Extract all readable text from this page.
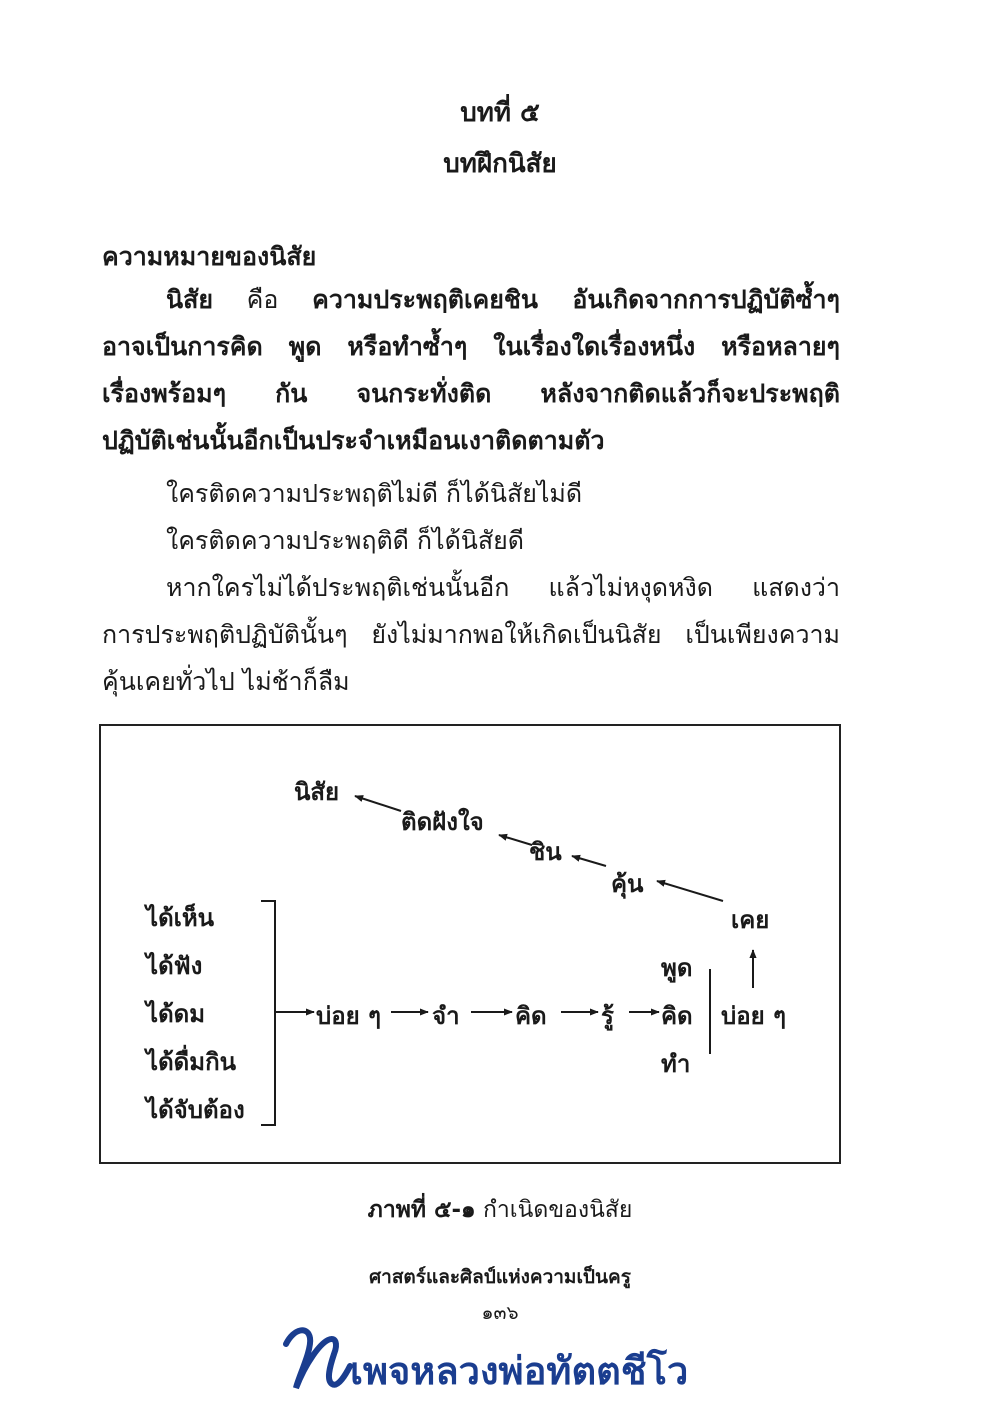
บทที่ ๕
บทฝึกนิสัย
ความหมายของนิสัย
นิสัย คือ ความประพฤติเคยชิน อันเกิดจากการปฏิบัติซ้ำๆ
อาจเป็นการคิด พูด หรือทำซ้ำๆ ในเรื่องใดเรื่องหนึ่ง หรือหลายๆ
เรื่องพร้อมๆ กัน จนกระทั่งติด หลังจากติดแล้วก็จะประพฤติ
ปฏิบัติเช่นนั้นอีกเป็นประจำเหมือนเงาติดตามตัว
ใครติดความประพฤติไม่ดี ก็ได้นิสัยไม่ดี
ใครติดความประพฤติดี ก็ได้นิสัยดี
หากใครไม่ได้ประพฤติเช่นนั้นอีก แล้วไม่หงุดหงิด แสดงว่า
การประพฤติปฏิบัตินั้นๆ ยังไม่มากพอให้เกิดเป็นนิสัย เป็นเพียงความ
คุ้นเคยทั่วไป ไม่ช้าก็ลืม
ได้เห็น
ได้ฟัง
ได้ดม
ได้ดื่มกิน
ได้จับต้อง
บ่อย ๆ จำ คิด รู้
พูด
คิด
ทำ
บ่อย ๆ
เคย
คุ้น
ชิน
ติดฝังใจ
นิสัย
ภาพที่ ๕-๑ กำเนิดของนิสัย
ศาสตร์และศิลป์แห่งความเป็นครู
๑๓๖
เพจหลวงพ่อทัตตชีโว
